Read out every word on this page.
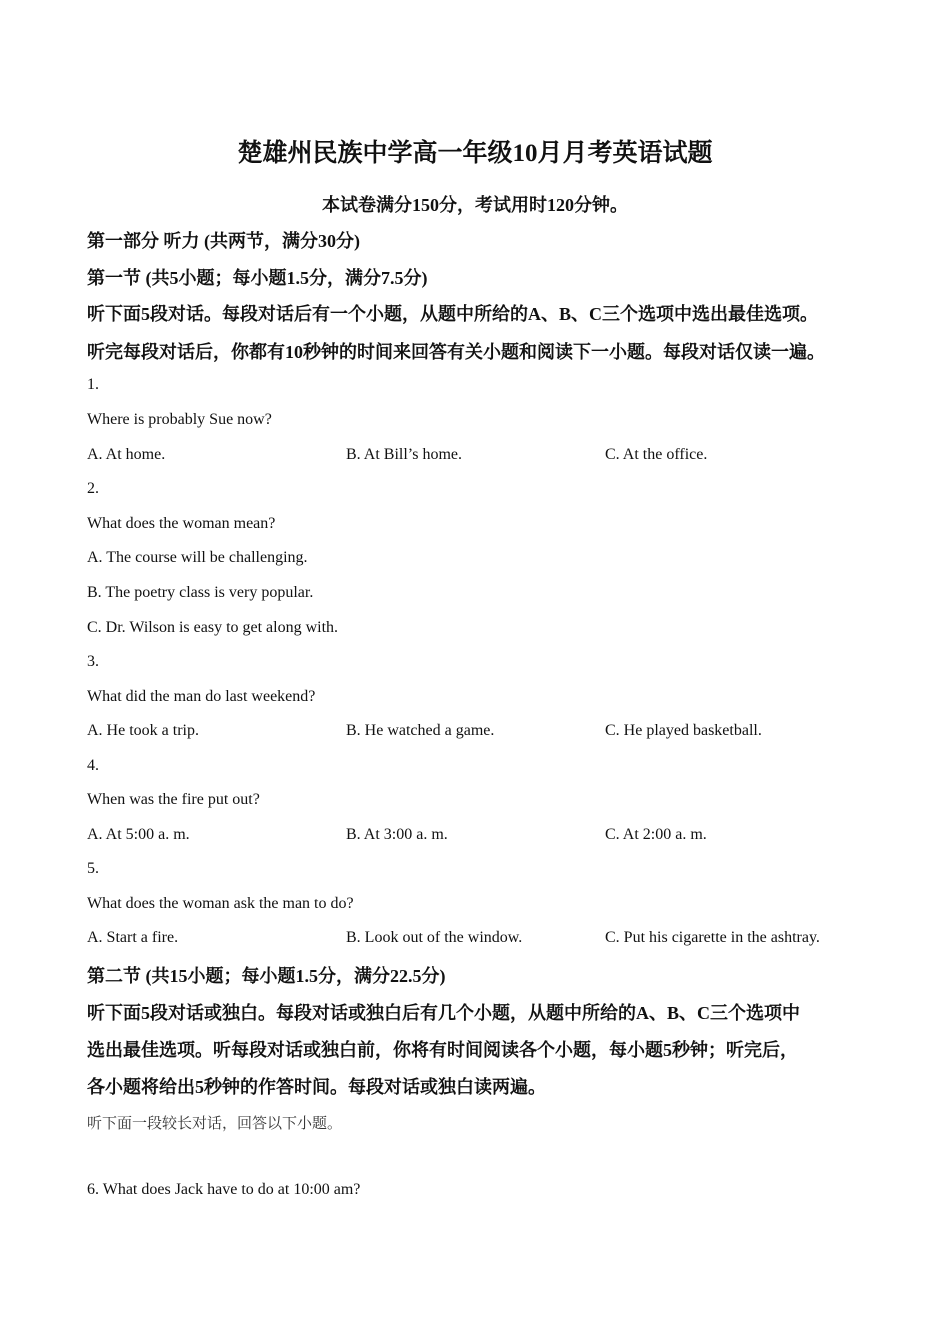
楚雄州民族中学高一年级10月月考英语试题
本试卷满分150分，考试用时120分钟。
第一部分 听力 (共两节，满分30分)
第一节 (共5小题；每小题1.5分，满分7.5分)
听下面5段对话。每段对话后有一个小题，从题中所给的A、B、C三个选项中选出最佳选项。
听完每段对话后，你都有10秒钟的时间来回答有关小题和阅读下一小题。每段对话仅读一遍。
1.
Where is probably Sue now?
A. At home.	B. At Bill’s home.	C. At the office.
2.
What does the woman mean?
A. The course will be challenging.
B. The poetry class is very popular.
C. Dr. Wilson is easy to get along with.
3.
What did the man do last weekend?
A. He took a trip.	B. He watched a game.	C. He played basketball.
4.
When was the fire put out?
A. At 5:00 a. m.	B. At 3:00 a. m.	C. At 2:00 a. m.
5.
What does the woman ask the man to do?
A. Start a fire.	B. Look out of the window.	C. Put his cigarette in the ashtray.
第二节 (共15小题；每小题1.5分，满分22.5分)
听下面5段对话或独白。每段对话或独白后有几个小题，从题中所给的A、B、C三个选项中
选出最佳选项。听每段对话或独白前，你将有时间阅读各个小题，每小题5秒钟；听完后，
各小题将给出5秒钟的作答时间。每段对话或独白读两遍。
听下面一段较长对话，回答以下小题。
6. What does Jack have to do at 10:00 am?
